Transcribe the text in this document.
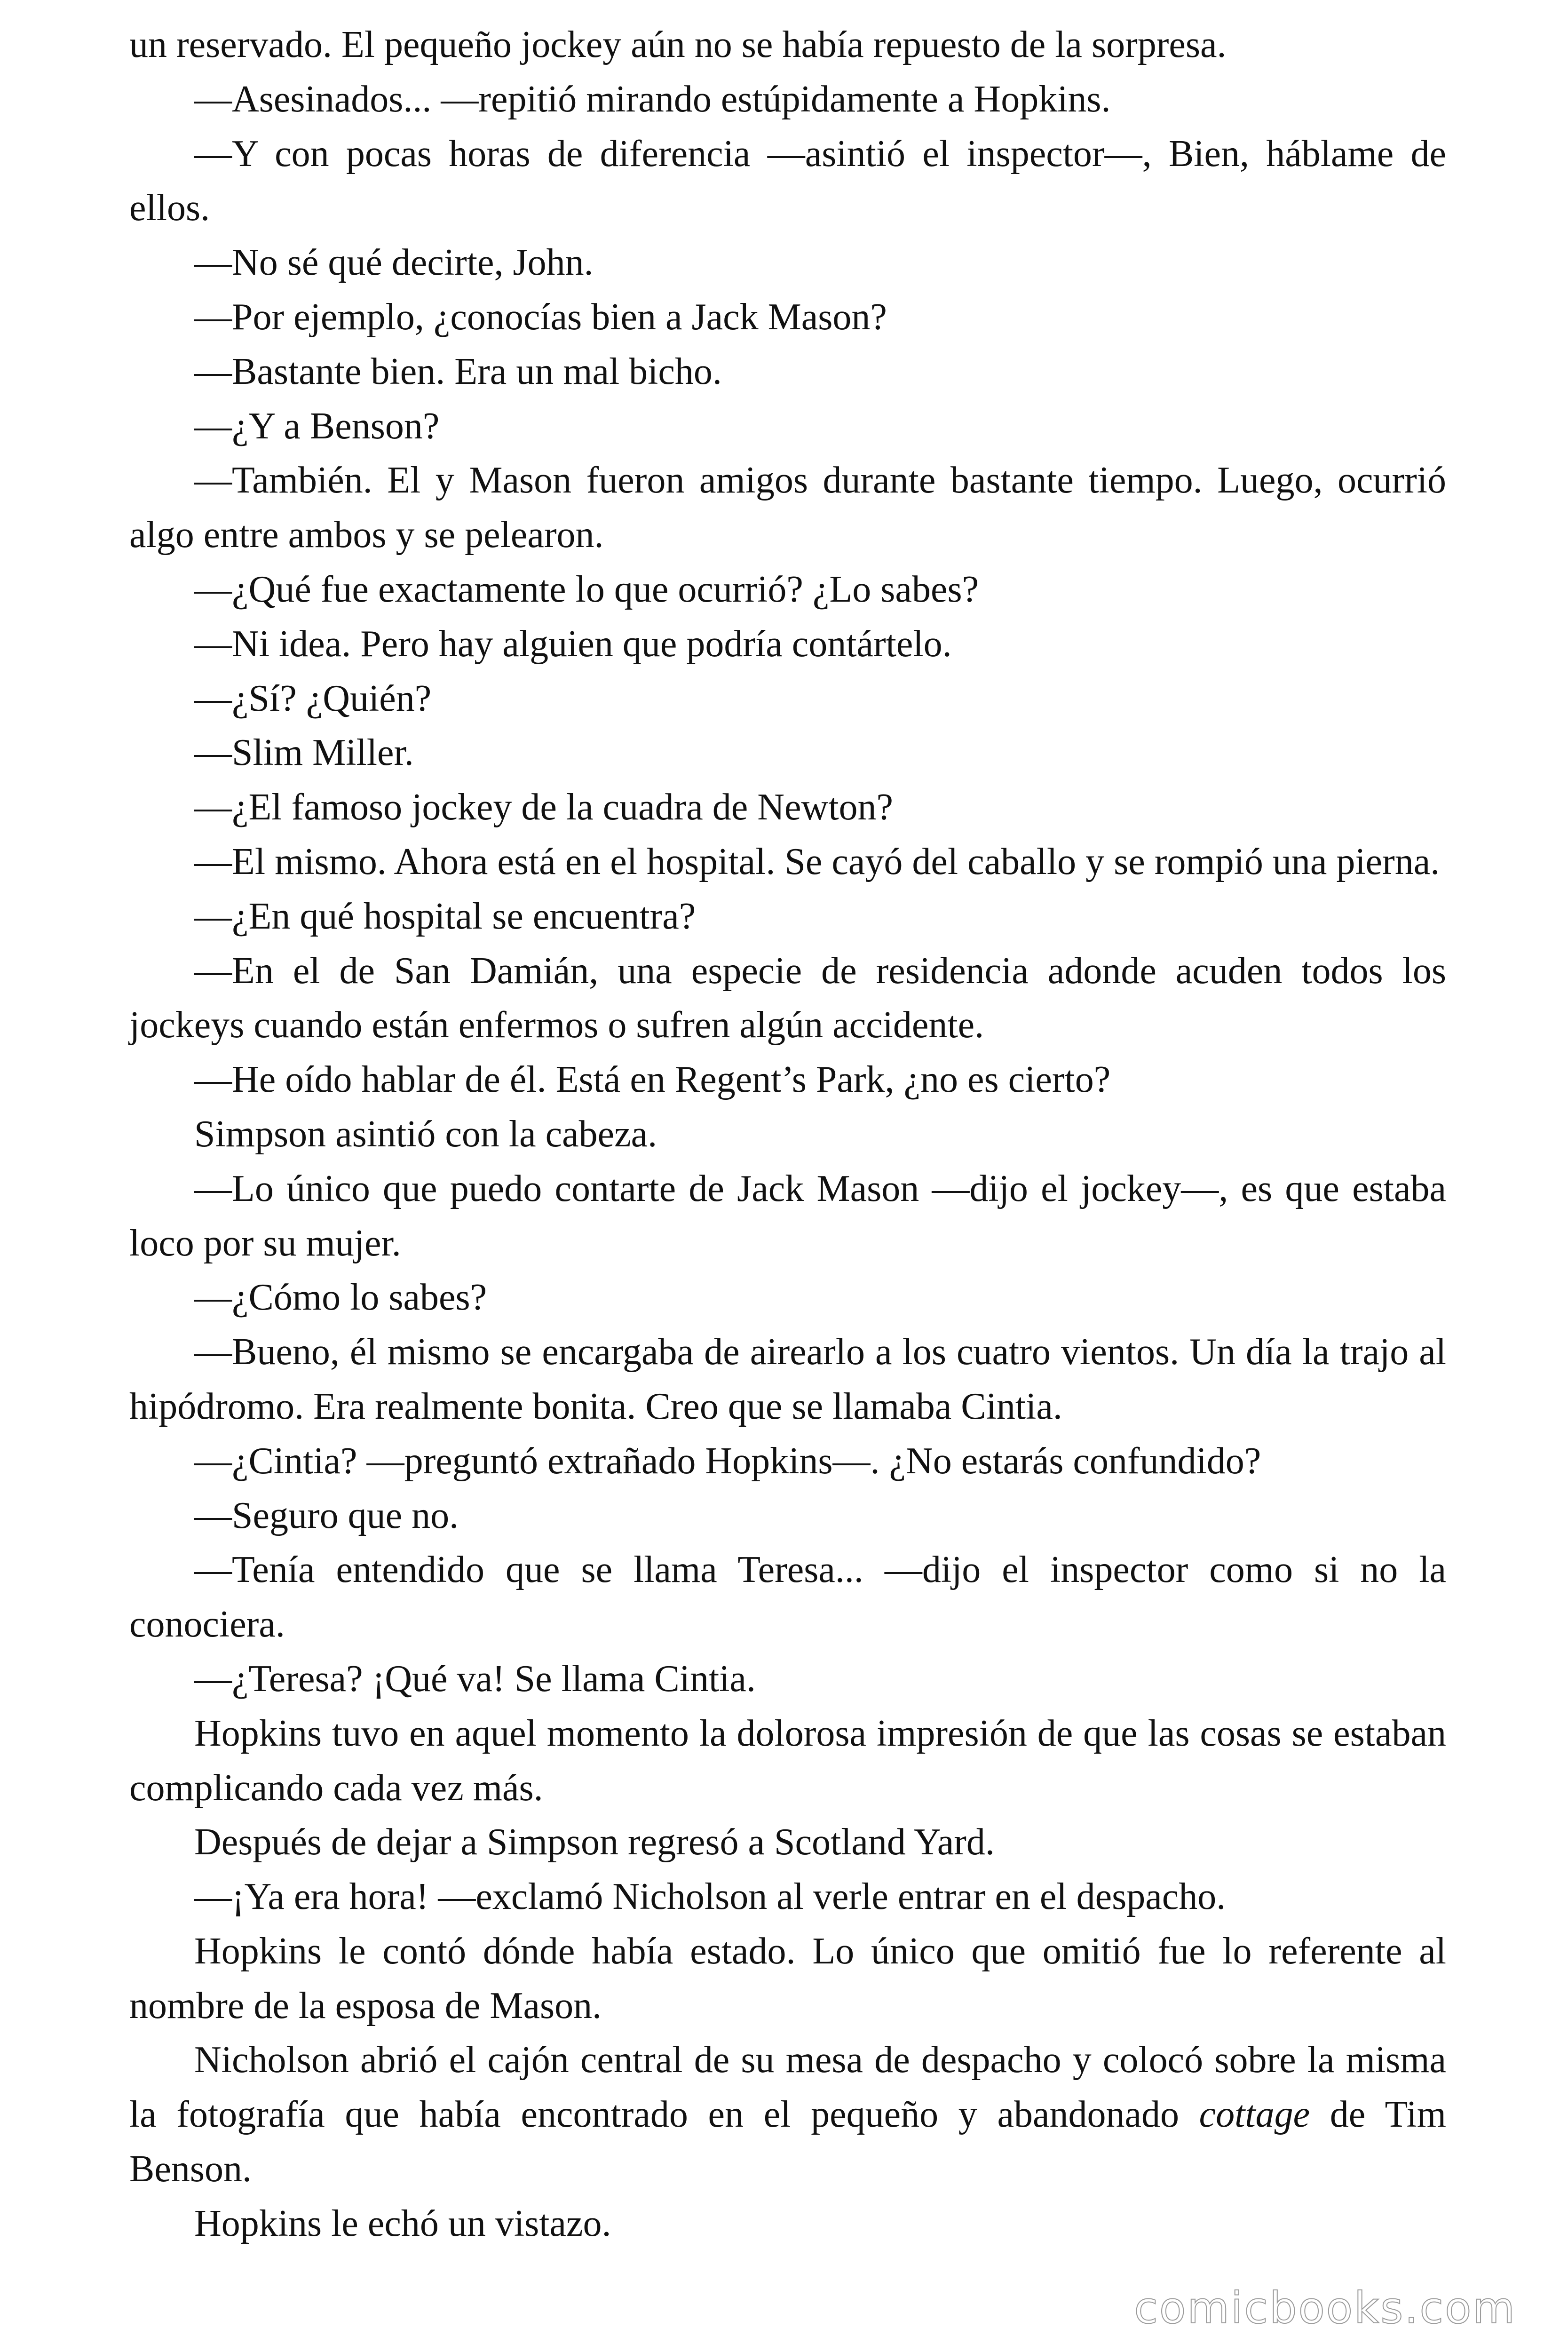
un reservado. El pequeño jockey aún no se había repuesto de la sorpresa.

—Asesinados... —repitió mirando estúpidamente a Hopkins.

—Y con pocas horas de diferencia —asintió el inspector—, Bien, háblame de ellos.

—No sé qué decirte, John.

—Por ejemplo, ¿conocías bien a Jack Mason?

—Bastante bien. Era un mal bicho.

—¿Y a Benson?

—También. El y Mason fueron amigos durante bastante tiempo. Luego, ocurrió algo entre ambos y se pelearon.

—¿Qué fue exactamente lo que ocurrió? ¿Lo sabes?

—Ni idea. Pero hay alguien que podría contártelo.

—¿Sí? ¿Quién?

—Slim Miller.

—¿El famoso jockey de la cuadra de Newton?

—El mismo. Ahora está en el hospital. Se cayó del caballo y se rompió una pierna.

—¿En qué hospital se encuentra?

—En el de San Damián, una especie de residencia adonde acuden todos los jockeys cuando están enfermos o sufren algún accidente.

—He oído hablar de él. Está en Regent’s Park, ¿no es cierto?

Simpson asintió con la cabeza.

—Lo único que puedo contarte de Jack Mason —dijo el jockey—, es que estaba loco por su mujer.

—¿Cómo lo sabes?

—Bueno, él mismo se encargaba de airearlo a los cuatro vientos. Un día la trajo al hipódromo. Era realmente bonita. Creo que se llamaba Cintia.

—¿Cintia? —preguntó extrañado Hopkins—. ¿No estarás confundido?

—Seguro que no.

—Tenía entendido que se llama Teresa... —dijo el inspector como si no la conociera.

—¿Teresa? ¡Qué va! Se llama Cintia.

Hopkins tuvo en aquel momento la dolorosa impresión de que las cosas se estaban complicando cada vez más.

Después de dejar a Simpson regresó a Scotland Yard.

—¡Ya era hora! —exclamó Nicholson al verle entrar en el despacho.

Hopkins le contó dónde había estado. Lo único que omitió fue lo referente al nombre de la esposa de Mason.

Nicholson abrió el cajón central de su mesa de despacho y colocó sobre la misma la fotografía que había encontrado en el pequeño y abandonado cottage de Tim Benson.

Hopkins le echó un vistazo.

comicbooks.com
